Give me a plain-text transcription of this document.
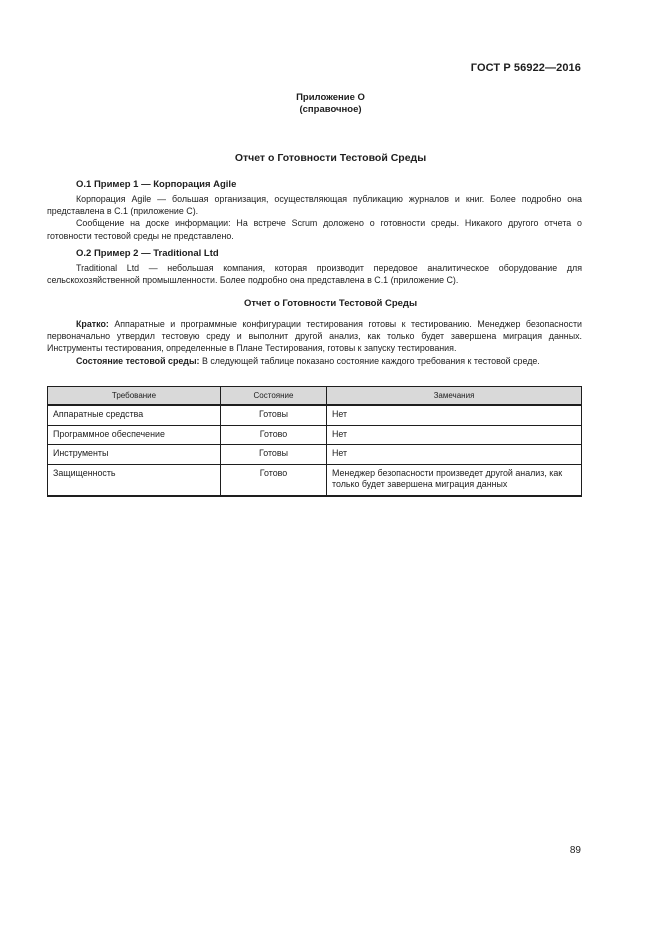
ГОСТ Р 56922—2016
Приложение О
(справочное)
Отчет о Готовности Тестовой Среды
О.1 Пример 1 — Корпорация Agile

Корпорация Agile — большая организация, осуществляющая публикацию журналов и книг. Более подробно она представлена в С.1 (приложение С).

Сообщение на доске информации: На встрече Scrum доложено о готовности среды. Никакого другого отчета о готовности тестовой среды не представлено.

О.2 Пример 2 — Traditional Ltd

Traditional Ltd — небольшая компания, которая производит передовое аналитическое оборудование для сельскохозяйственной промышленности. Более подробно она представлена в С.1 (приложение С).

Отчет о Готовности Тестовой Среды

Кратко: Аппаратные и программные конфигурации тестирования готовы к тестированию. Менеджер безопасности первоначально утвердил тестовую среду и выполнит другой анализ, как только будет завершена миграция данных. Инструменты тестирования, определенные в Плане Тестирования, готовы к запуску тестирования.

Состояние тестовой среды: В следующей таблице показано состояние каждого требования к тестовой среде.

Требование	Состояние	Замечания
Аппаратные средства	Готовы	Нет
Программное обеспечение	Готово	Нет
Инструменты	Готовы	Нет
Защищенность	Готово	Менеджер безопасности произведет другой анализ, как только будет завершена миграция данных
89
